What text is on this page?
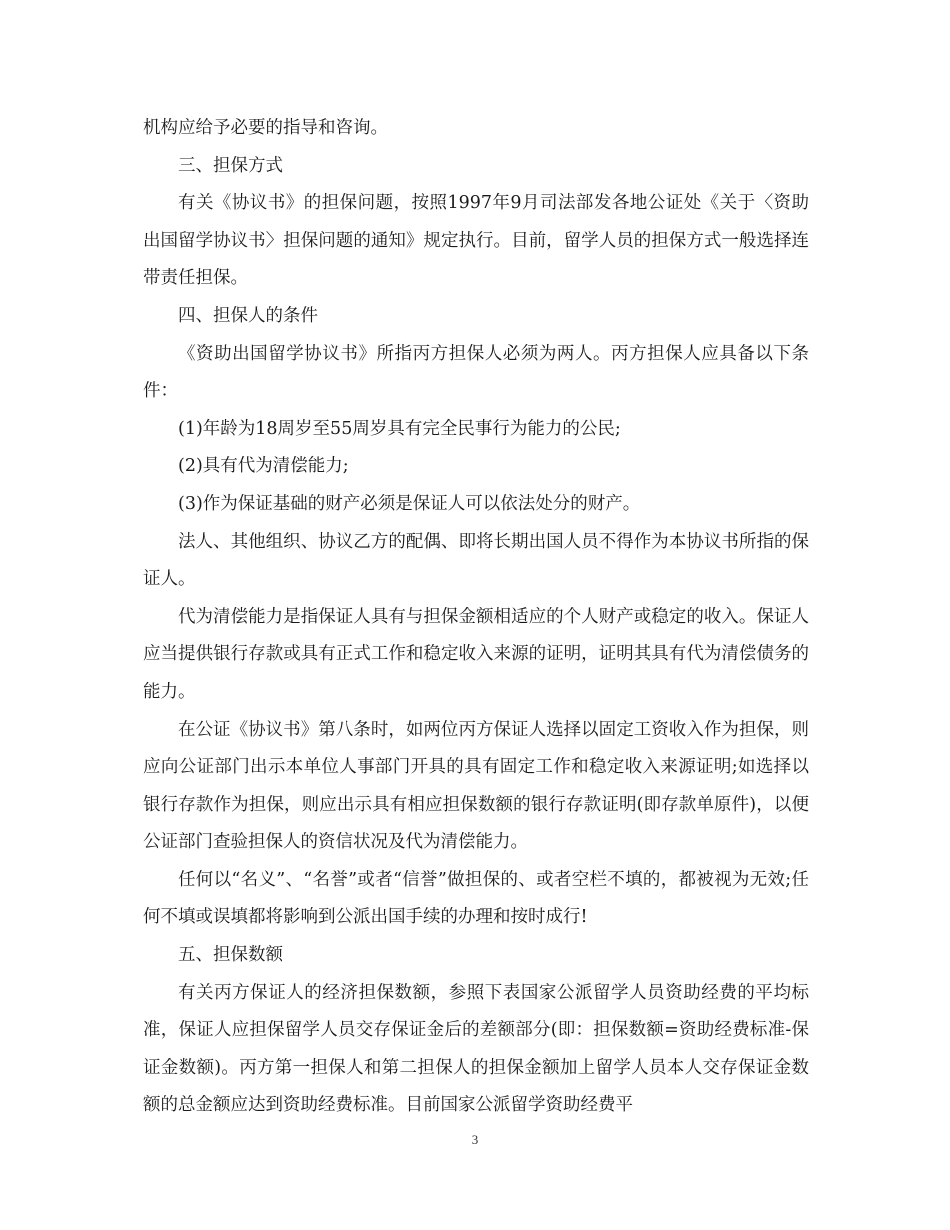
机构应给予必要的指导和咨询。

三、担保方式

有关《协议书》的担保问题，按照1997年9月司法部发各地公证处《关于〈资助出国留学协议书〉担保问题的通知》规定执行。目前，留学人员的担保方式一般选择连带责任担保。

四、担保人的条件

《资助出国留学协议书》所指丙方担保人必须为两人。丙方担保人应具备以下条件：

(1)年龄为18周岁至55周岁具有完全民事行为能力的公民;

(2)具有代为清偿能力;

(3)作为保证基础的财产必须是保证人可以依法处分的财产。

法人、其他组织、协议乙方的配偶、即将长期出国人员不得作为本协议书所指的保证人。

代为清偿能力是指保证人具有与担保金额相适应的个人财产或稳定的收入。保证人应当提供银行存款或具有正式工作和稳定收入来源的证明，证明其具有代为清偿债务的能力。

在公证《协议书》第八条时，如两位丙方保证人选择以固定工资收入作为担保，则应向公证部门出示本单位人事部门开具的具有固定工作和稳定收入来源证明;如选择以银行存款作为担保，则应出示具有相应担保数额的银行存款证明(即存款单原件)，以便公证部门查验担保人的资信状况及代为清偿能力。

任何以“名义”、“名誉”或者“信誉”做担保的、或者空栏不填的，都被视为无效;任何不填或误填都将影响到公派出国手续的办理和按时成行!

五、担保数额

有关丙方保证人的经济担保数额，参照下表国家公派留学人员资助经费的平均标准，保证人应担保留学人员交存保证金后的差额部分(即：担保数额=资助经费标准-保证金数额)。丙方第一担保人和第二担保人的担保金额加上留学人员本人交存保证金数额的总金额应达到资助经费标准。目前国家公派留学资助经费平

3
